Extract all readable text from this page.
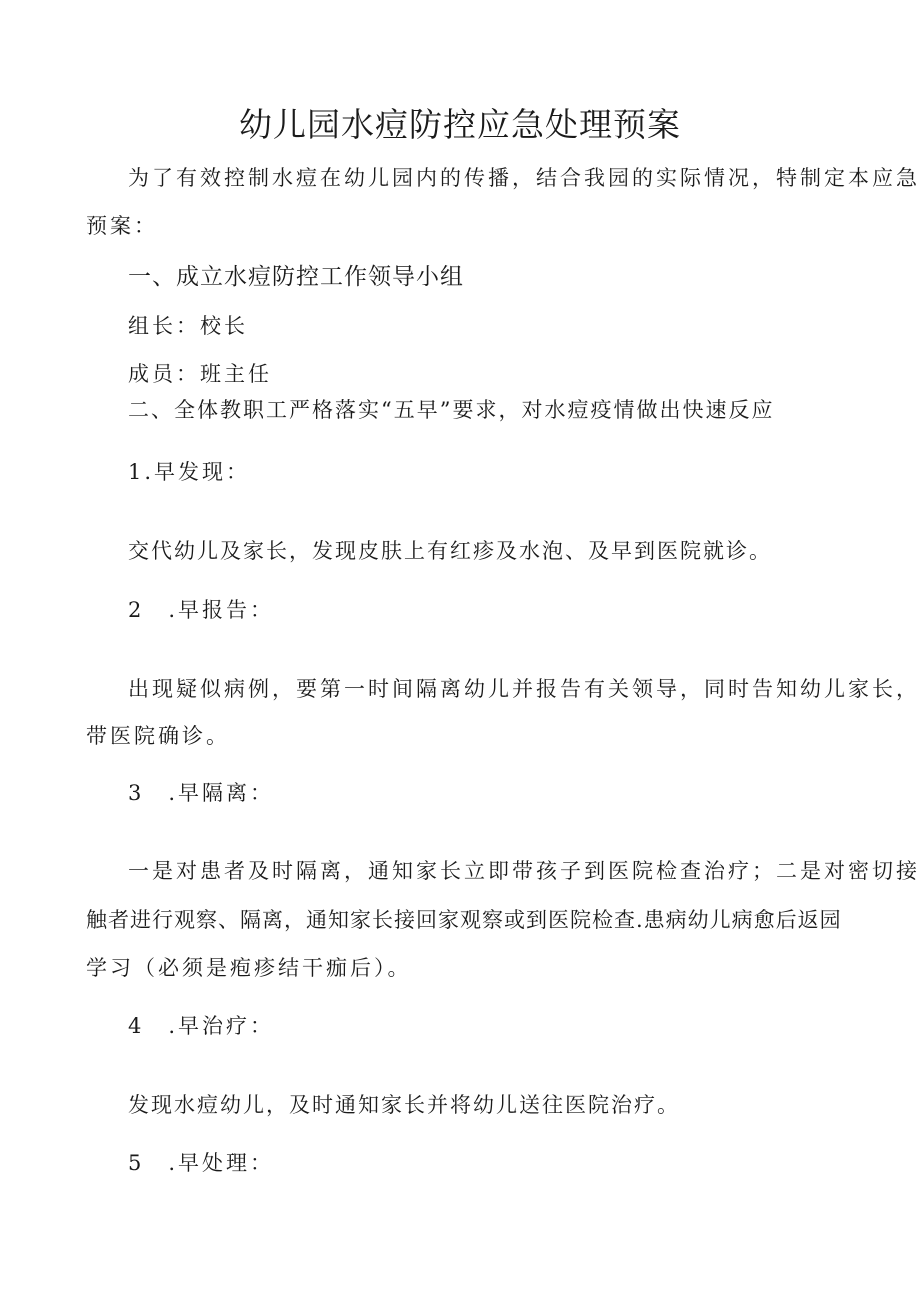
幼儿园水痘防控应急处理预案
为了有效控制水痘在幼儿园内的传播，结合我园的实际情况，特制定本应急
预案：
一、成立水痘防控工作领导小组
组长：校长
成员：班主任
二、全体教职工严格落实“五早”要求，对水痘疫情做出快速反应
1.早发现：
交代幼儿及家长，发现皮肤上有红疹及水泡、及早到医院就诊。
2　.早报告：
出现疑似病例，要第一时间隔离幼儿并报告有关领导，同时告知幼儿家长，
带医院确诊。
3　.早隔离：
一是对患者及时隔离，通知家长立即带孩子到医院检查治疗；二是对密切接
触者进行观察、隔离，通知家长接回家观察或到医院检查.患病幼儿病愈后返园
学习（必须是疱疹结干痂后）。
4　.早治疗：
发现水痘幼儿，及时通知家长并将幼儿送往医院治疗。
5　.早处理：
